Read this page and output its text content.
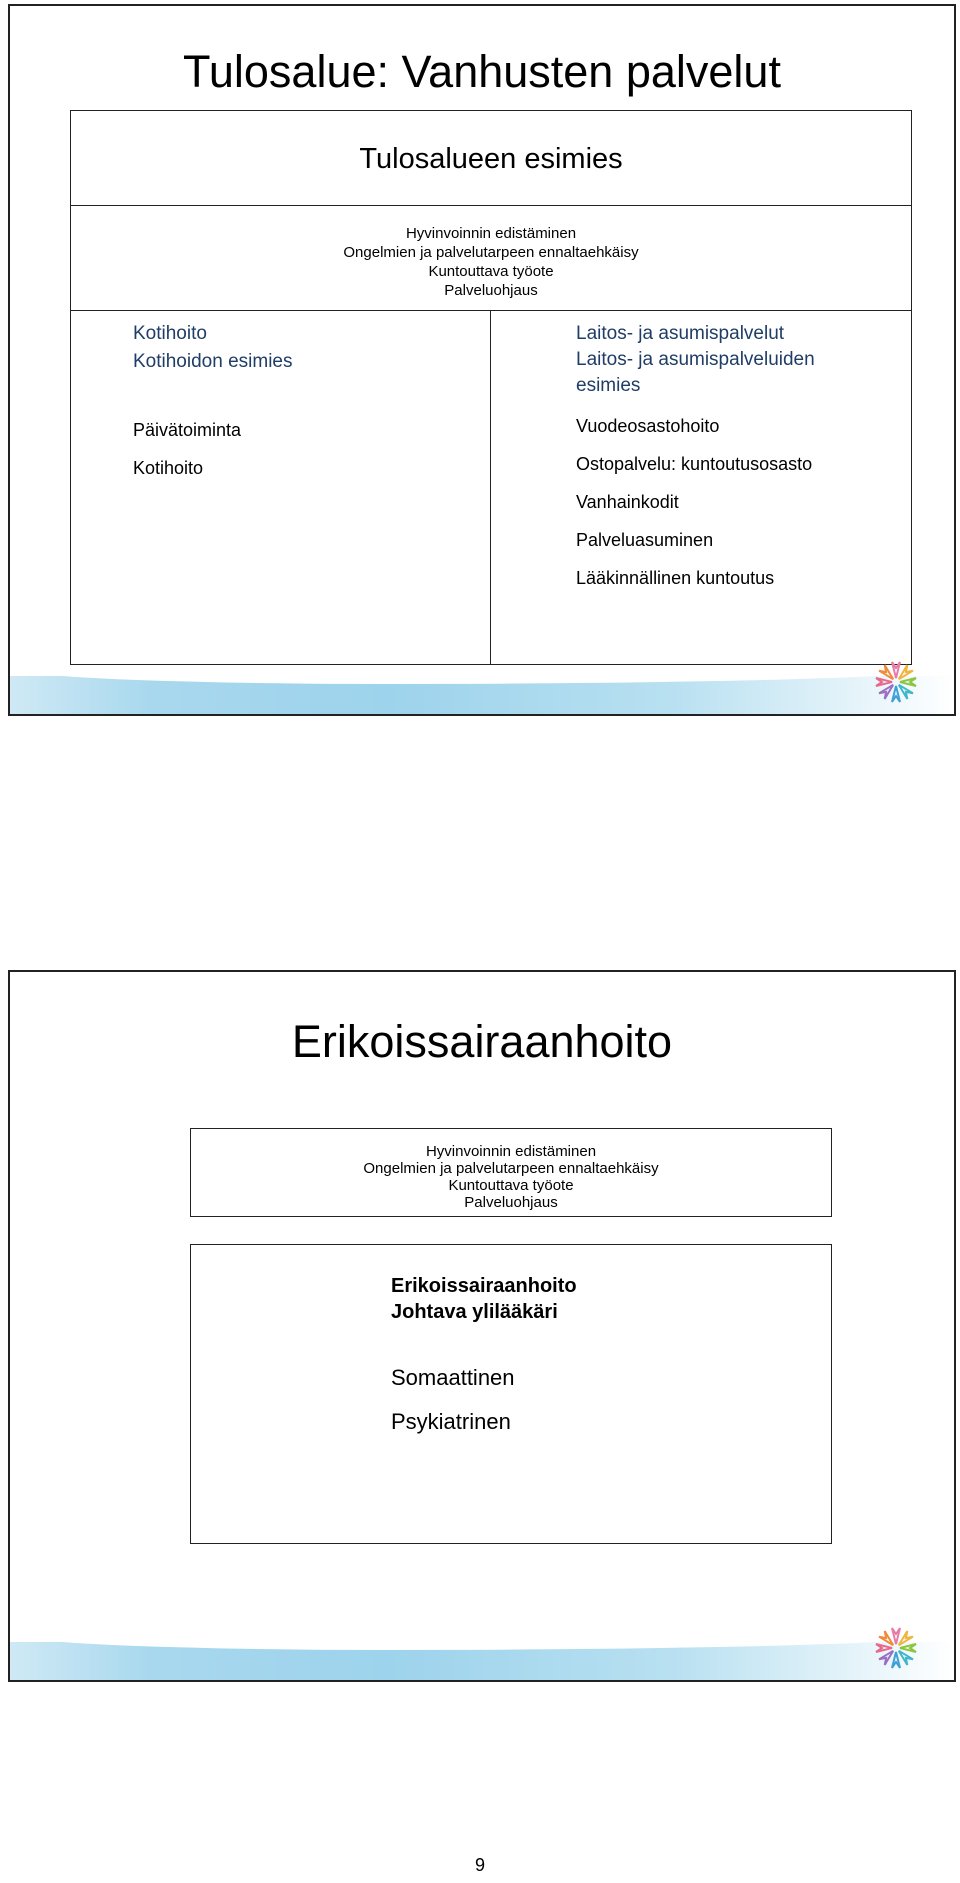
Tulosalue: Vanhusten palvelut
Tulosalueen esimies
Hyvinvoinnin edistäminen
Ongelmien ja palvelutarpeen ennaltaehkäisy
Kuntouttava työote
Palveluohjaus
Kotihoito
Kotihoidon esimies
Päivätoiminta
Kotihoito
Laitos- ja asumispalvelut
Laitos- ja asumispalveluiden
esimies
Vuodeosastohoito
Ostopalvelu: kuntoutusosasto
Vanhainkodit
Palveluasuminen
Lääkinnällinen kuntoutus
Erikoissairaanhoito
Hyvinvoinnin edistäminen
Ongelmien ja palvelutarpeen ennaltaehkäisy
Kuntouttava työote
Palveluohjaus
Erikoissairaanhoito
Johtava ylilääkäri
Somaattinen
Psykiatrinen
9
